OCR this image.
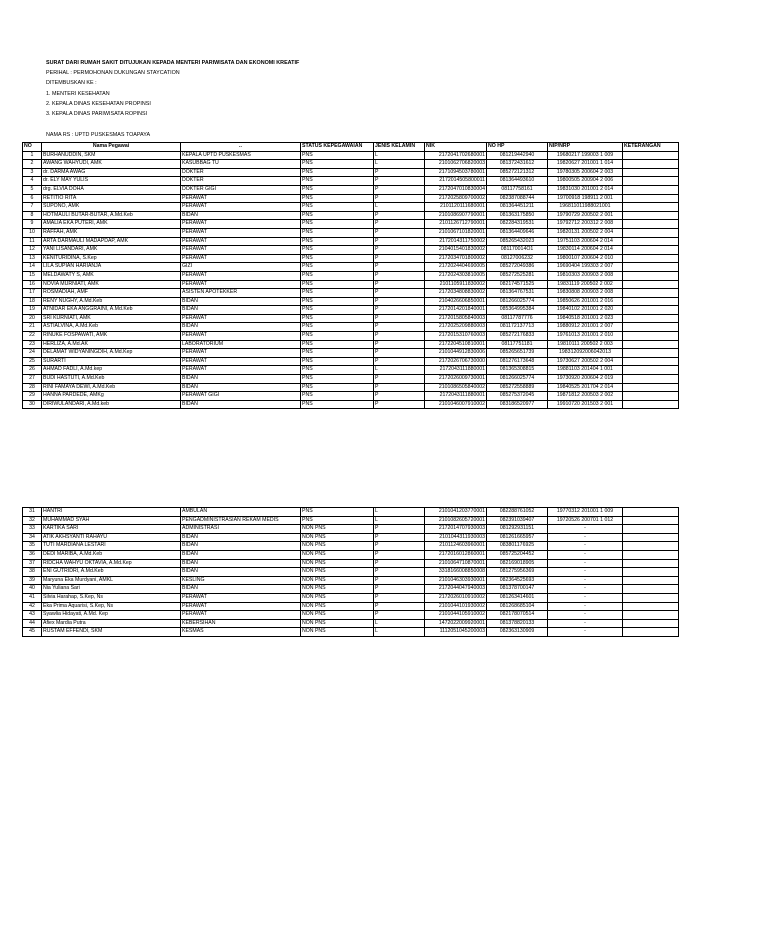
SURAT DARI RUMAH SAKIT DITUJUKAN KEPADA MENTERI PARIWISATA DAN EKONOMI KREATIF
PERIHAL : PERMOHONAN DUKUNGAN STAYCATION
DITEMBUSKAN KE :
1. MENTERI KESEHATAN
2. KEPALA DINAS KESEHATAN PROPINSI
3. KEPALA DINAS PARIWISATA ROPINSI
NAMA RS : UPTD PUSKESMAS TOAPAYA
NO	Nama Pegawai	..	STATUS KEPEGAWAIAN	JENIS KELAMIN	NIK	NO HP	NIP/NRP	KETERANGAN
1	BURHANUDDIN, SKM	KEPALA UPTD PUSKESMAS	PNS	L	2172041702680001	081219442940	19680217 199003 1 009	
2	AWANG WAHYUDI, AMK	KASUBBAG TU	PNS	L	2101062706820003	081372431612	19820627 201001 1 014	
3	dr. DARMA AWAG	DOKTER	PNS	P	2171094503780001	085272121312	19780305 200604 2 003	
4	dr. ELY MAY YULIS	DOKTER	PNS	P	2172014505800011	081364493610	19800505 200904 2 006	
5	drg. ELVIA DOHA	DOKTER GIGI	PNS	P	2172047010830004	08117758161	19831030 201001 2 014	
6	RETITIO RITA	PERAWAT	PNS	P	2172025809700002	082387088744	19700918 198911 2 001	
7	SUPONO, AMK	PERAWAT	PNS	L	2101120111680001	081364451211	196811011988021001	
8	HOTMAULI BUTAR-BUTAR, A.Md.Keb	BIDAN	PNS	P	2101086907790001	081363175850	19790729 200502 2 001	
9	AMALIA EKA PUTERI, AMK	PERAWAT	PNS	P	2101126712790001	082284319531	19792712 200312 2 008	
10	RAFFAH, AMK	PERAWAT	PNS	P	2101067101820001	081364409646	19820131 200502 2 004	
11	ARTA DARMAULI MADAPDAP, AMK	PERAWAT	PNS	P	2172014311750002	085265432023	19751103 200604 2 014	
12	YANI LISANDARI, AMK	PERAWAT	PNS	P	2104015401830002	081170014O1	19830114 200604 2 014	
13	KENITURIDINA, S.Kep	PERAWAT	PNS	P	2172034701800002	08127006232	19800107 200604 2 010	
14	LILA SUPIAN HARIANJA	GIZI	PNS	P	2172024404690005	085272049386	19690404 199303 2 007	
15	MELDAWATY S, AMK	PERAWAT	PNS	P	2172024303810005	085272525281	19810303 200903 2 008	
16	NOVIA MURNIATI, AMK	PERAWAT	PNS	P	2101105911830002	082174571525	19831119 200502 2 002	
17	ROSMADIAH, AMF	ASISTEN APOTEKKER	PNS	P	2172034808830002	081364767531	19830808 200903 2 008	
18	RENY NUGHY, A.Md.Keb	BIDAN	PNS	P	2104026606850001	081266025774	19850626 201001 2 016	
19	ATNIDAR EKA ANGGRAINI, A.Md.Keb	BIDAN	PNS	P	2172014201840001	085364995384	19840102 201001 2 020	
20	SRI KURNIATI, AMK	PERAWAT	PNS	P	2172015805840003	08117787776	19840518 201001 2 023	
21	ASTIALVINA, A.Md.Keb	BIDAN	PNS	P	2172025209880003	081172137713	19880912 201001 2 007	
22	RINUKE FOSPAWATI, AMK	PERAWAT	PNS	P	2172015310760003	085272176833	19761013 201001 2 010	
23	HERLIZA, A.Md.AK	LABORATORIUM	PNS	P	2172204510810001	08117751181	19810111 200502 2 003	
24	DELAMAT WIDYANINGDIH, A.Md.Kep	PERAWAT	PNS	P	2101044912830006	085265651739	198312092006042013	
25	SURARTI	PERAWAT	PNS	P	2172026706730000	081276173648	19730627 200502 2 004	
26	AHMAD FADLI, A.Md.kep	PERAWAT	PNS	L	2172043111880001	081365308815	19881103 201404 1 001	
27	BUDI HASTUTI, A.Md.Keb	BIDAN	PNS	P	2172026009730001	081266025774	19730920 200604 2 019	
28	RINI FAMAYA DEWI, A.Md.Keb	BIDAN	PNS	P	2101086505840002	085272558889	19840525 201704 2 014	
29	HANNA PARDEDE, AMKg	PERAWAT GIGI	PNS	P	2172043111880001	085275372045	19871812 200503 2 002	
30	DIRIWULANDARI, A.Md.keb	BIDAN	PNS	P	2101046007910002	083186520977	19910720 201503 2 001	
31	HANTRI	AMBULAN	PNS	L	2101041203770001	082288761052	19770312 201001 1 009	
32	MUHAMMAD SYAH	PENGADMINISTRASIAN REKAM MEDIS	PNS	L	2101082605720001	082391039407	19720526 200701 1 012	
33	KARTIKA SARI	ADMINISTRASI	NON PNS	P	2172014707930003	081292931151	-	
34	ATIK AKHSYANTI RAHAYU	BIDAN	NON PNS	P	2101044311930003	081261665957	-	
35	TUTI MARDIANA LESTARI	BIDAN	NON PNS	P	2101124603960001	083801176925	-	
36	DEDI MARIBA, A.Md.Keb	BIDAN	NON PNS	P	2172016012860001	085725204452	-	
37	RIDCHA WAHYU OKTAVIA, A.Md.Kep	BIDAN	NON PNS	P	2101064710870001	082169018905	-	
38	ENI GUTRIDRI, A.Md.Keb	BIDAN	NON PNS	P	3318166008850008	081275956369	-	
39	Maryuna Eka Murdyani, AMKL	KESLING	NON PNS	P	2101046303930001	082364525693	-	
40	Nia Yuliana Sari	BIDAN	NON PNS	P	2172044047940003	081378700147	-	
41	Silvia Harahap, S.Kep, Ns	PERAWAT	NON PNS	P	2172026010910002	081263414601	-	
42	Eka Prima Aquarisi, S.Kep, Ns	PERAWAT	NON PNS	P	2101044101930002	081268685104	-	
43	Syawlia Hidayati, A.Md. Kep	PERAWAT	NON PNS	P	2101044105910002	082178070514	-	
44	Afiex Mardia Putra	KEBERSIHAN	NON PNS	L	1472022009920001	081378820133	-	
45	RUSTAM EFFENDI, SKM	KESMAS	NON PNS	L	1112051045200003	082363130909	-	
